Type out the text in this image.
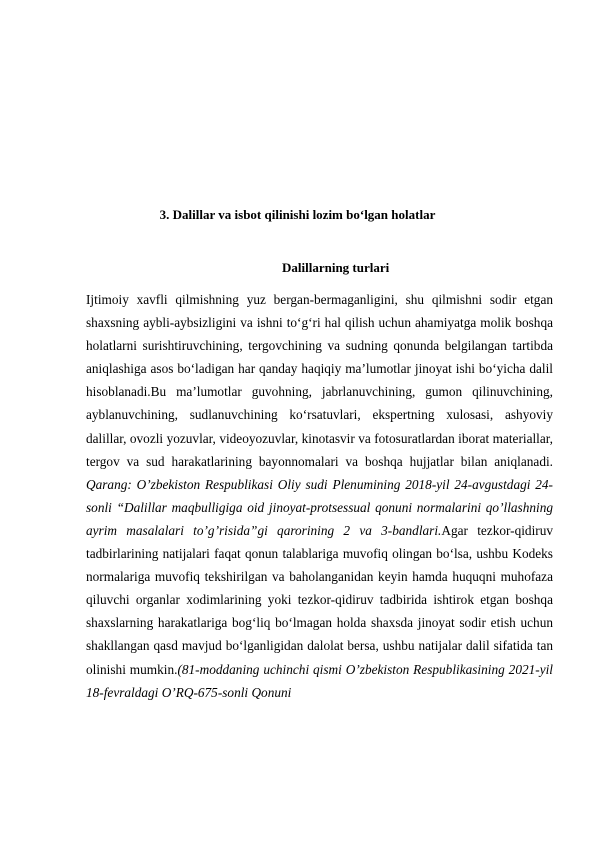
3. Dalillar va isbot qilinishi lozim bo‘lgan holatlar
Dalillarning turlari

Ijtimoiy xavfli qilmishning yuz bergan-bermaganligini, shu qilmishni sodir etgan shaxsning aybli-aybsizligini va ishni to‘g‘ri hal qilish uchun ahamiyatga molik boshqa holatlarni surishtiruvchining, tergovchining va sudning qonunda belgilangan tartibda aniqlashiga asos bo‘ladigan har qanday haqiqiy ma’lumotlar jinoyat ishi bo‘yicha dalil hisoblanadi.Bu ma’lumotlar guvohning, jabrlanuvchining, gumon qilinuvchining, ayblanuvchining, sudlanuvchining ko‘rsatuvlari, ekspertning xulosasi, ashyoviy dalillar, ovozli yozuvlar, videoyozuvlar, kinotasvir va fotosuratlardan iborat materiallar, tergov va sud harakatlarining bayonnomalari va boshqa hujjatlar bilan aniqlanadi. Qarang: O’zbekiston Respublikasi Oliy sudi Plenumining 2018-yil 24-avgustdagi 24-sonli “Dalillar maqbulligiga oid jinoyat-protsessual qonuni normalarini qo’llashning ayrim masalalari to’g’risida”gi qarorining 2 va 3-bandlari.Agar tezkor-qidiruv tadbirlarining natijalari faqat qonun talablariga muvofiq olingan bo‘lsa, ushbu Kodeks normalariga muvofiq tekshirilgan va baholanganidan keyin hamda huquqni muhofaza qiluvchi organlar xodimlarining yoki tezkor-qidiruv tadbirida ishtirok etgan boshqa shaxslarning harakatlariga bog‘liq bo‘lmagan holda shaxsda jinoyat sodir etish uchun shakllangan qasd mavjud bo‘lganligidan dalolat bersa, ushbu natijalar dalil sifatida tan olinishi mumkin.(81-moddaning uchinchi qismi O’zbekiston Respublikasining 2021-yil 18-fevraldagi O’RQ-675-sonli Qonuni
